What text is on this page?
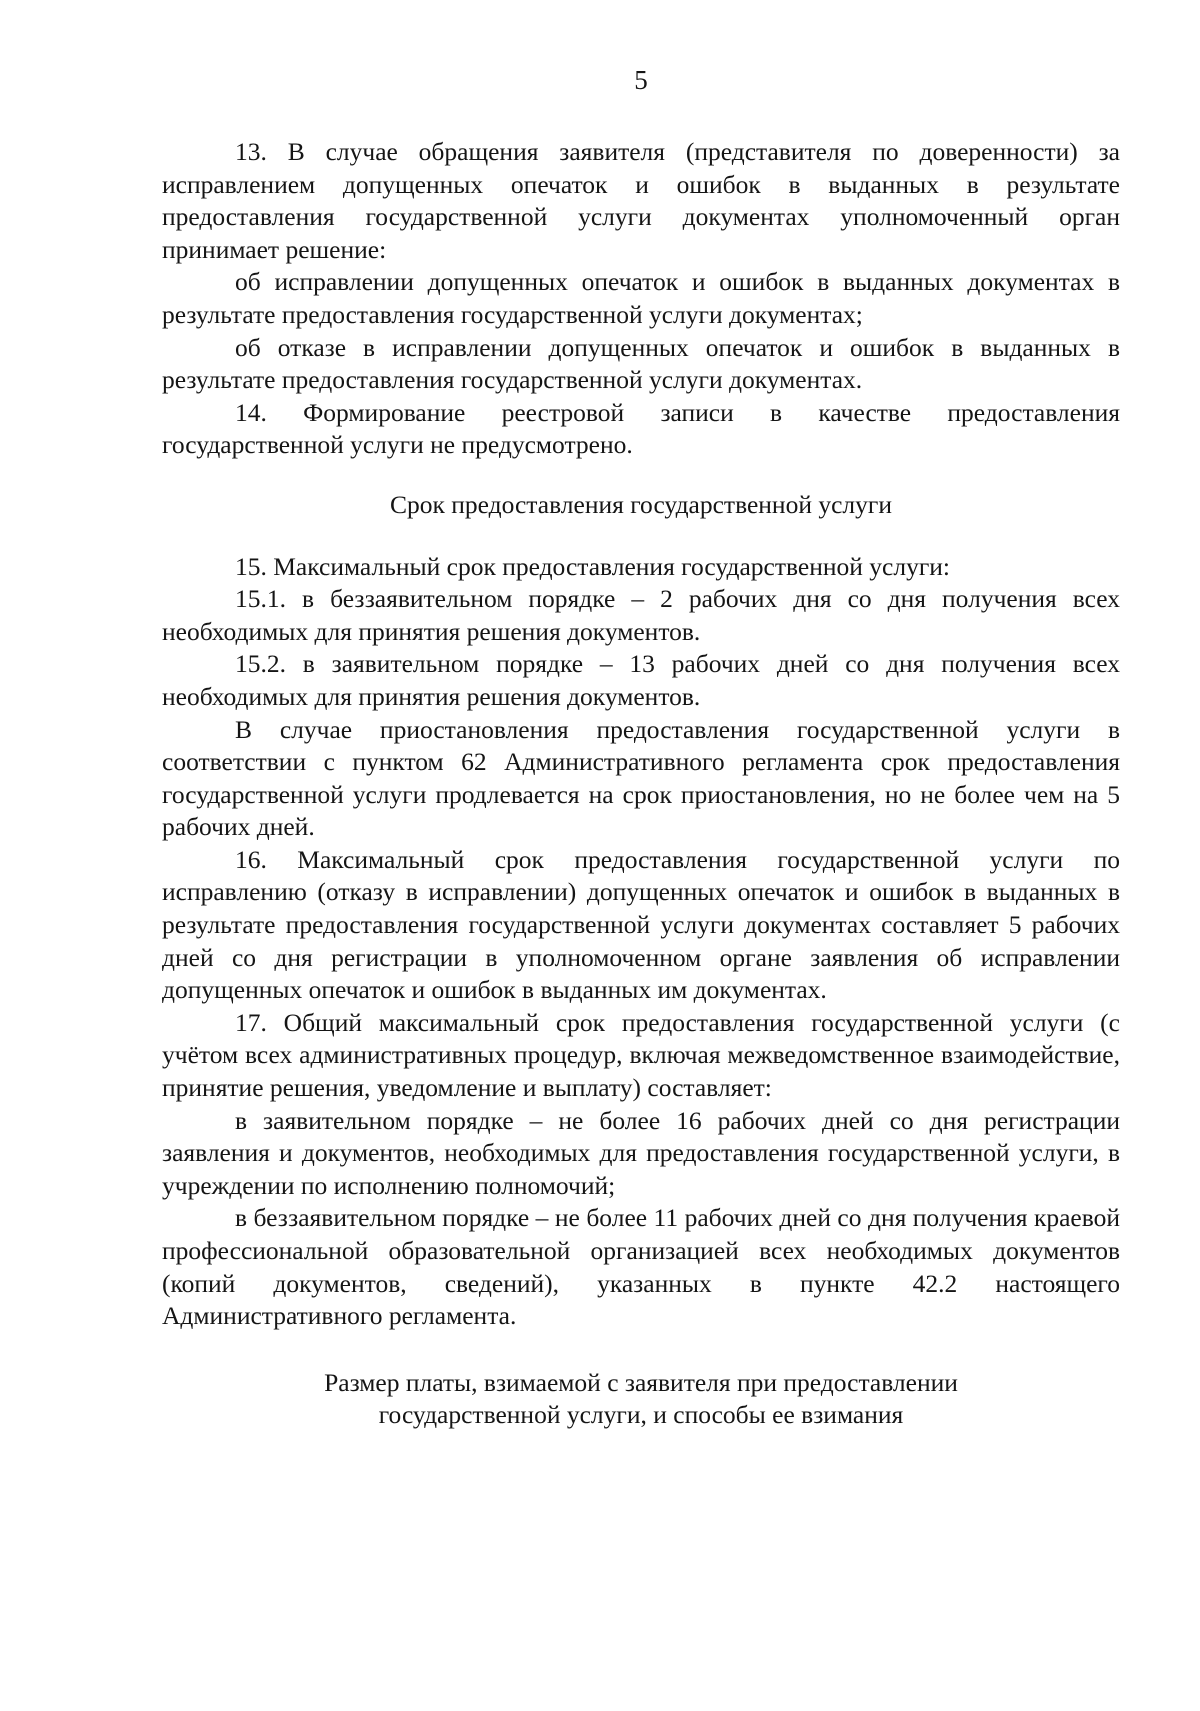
5

13. В случае обращения заявителя (представителя по доверенности) за исправлением допущенных опечаток и ошибок в выданных в результате предоставления государственной услуги документах уполномоченный орган принимает решение:

об исправлении допущенных опечаток и ошибок в выданных документах в результате предоставления государственной услуги документах;

об отказе в исправлении допущенных опечаток и ошибок в выданных в результате предоставления государственной услуги документах.

14. Формирование реестровой записи в качестве предоставления государственной услуги не предусмотрено.

Срок предоставления государственной услуги

15. Максимальный срок предоставления государственной услуги:

15.1. в беззаявительном порядке – 2 рабочих дня со дня получения всех необходимых для принятия решения документов.

15.2. в заявительном порядке – 13 рабочих дней со дня получения всех необходимых для принятия решения документов.

В случае приостановления предоставления государственной услуги в соответствии с пунктом 62 Административного регламента срок предоставления государственной услуги продлевается на срок приостановления, но не более чем на 5 рабочих дней.

16. Максимальный срок предоставления государственной услуги по исправлению (отказу в исправлении) допущенных опечаток и ошибок в выданных в результате предоставления государственной услуги документах составляет 5 рабочих дней со дня регистрации в уполномоченном органе заявления об исправлении допущенных опечаток и ошибок в выданных им документах.

17. Общий максимальный срок предоставления государственной услуги (с учётом всех административных процедур, включая межведомственное взаимодействие, принятие решения, уведомление и выплату) составляет:

в заявительном порядке – не более 16 рабочих дней со дня регистрации заявления и документов, необходимых для предоставления государственной услуги, в учреждении по исполнению полномочий;

в беззаявительном порядке – не более 11 рабочих дней со дня получения краевой профессиональной образовательной организацией всех необходимых документов (копий документов, сведений), указанных в пункте 42.2 настоящего Административного регламента.

Размер платы, взимаемой с заявителя при предоставлении
государственной услуги, и способы ее взимания
